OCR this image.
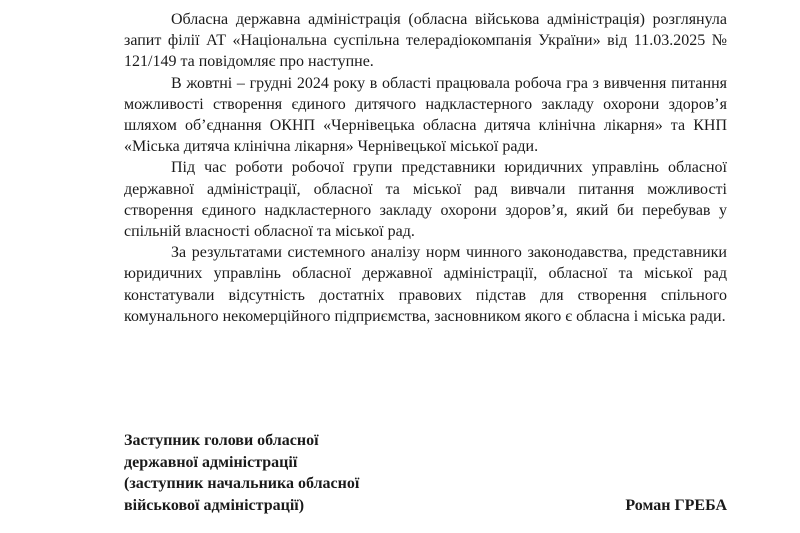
Обласна державна адміністрація (обласна військова адміністрація) розглянула запит філії АТ «Національна суспільна телерадіокомпанія України» від 11.03.2025 № 121/149 та повідомляє про наступне.

В жовтні – грудні 2024 року в області працювала робоча гра з вивчення питання можливості створення єдиного дитячого надкластерного закладу охорони здоров’я шляхом об’єднання ОКНП «Чернівецька обласна дитяча клінічна лікарня» та КНП «Міська дитяча клінічна лікарня» Чернівецької міської ради.

Під час роботи робочої групи представники юридичних управлінь обласної державної адміністрації, обласної та міської рад вивчали питання можливості створення єдиного надкластерного закладу охорони здоров’я, який би перебував у спільній власності обласної та міської рад.

За результатами системного аналізу норм чинного законодавства, представники юридичних управлінь обласної державної адміністрації, обласної та міської рад констатували відсутність достатніх правових підстав для створення спільного комунального некомерційного підприємства, засновником якого є обласна і міська ради.

Заступник голови обласної
державної адміністрації
(заступник начальника обласної
військової адміністрації)	Роман ГРЕБА
